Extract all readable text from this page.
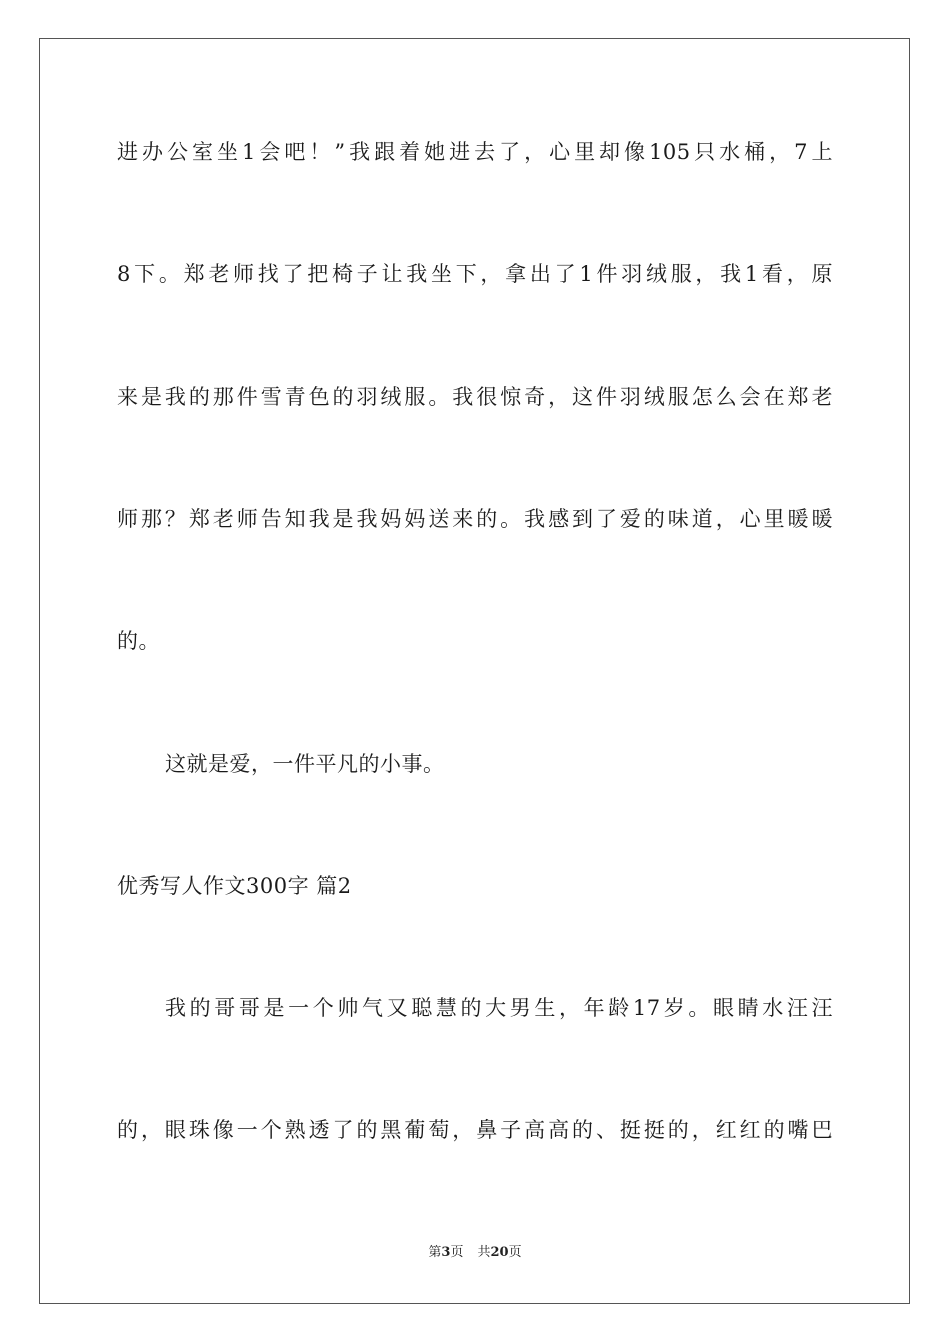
进办公室坐1会吧！”我跟着她进去了，心里却像105只水桶，7上
8下。郑老师找了把椅子让我坐下，拿出了1件羽绒服，我1看，原
来是我的那件雪青色的羽绒服。我很惊奇，这件羽绒服怎么会在郑老
师那？郑老师告知我是我妈妈送来的。我感到了爱的味道，心里暖暖
的。
这就是爱，一件平凡的小事。
优秀写人作文300字 篇2
我的哥哥是一个帅气又聪慧的大男生，年龄17岁。眼睛水汪汪
的，眼珠像一个熟透了的黑葡萄，鼻子高高的、挺挺的，红红的嘴巴
第3页 共20页
